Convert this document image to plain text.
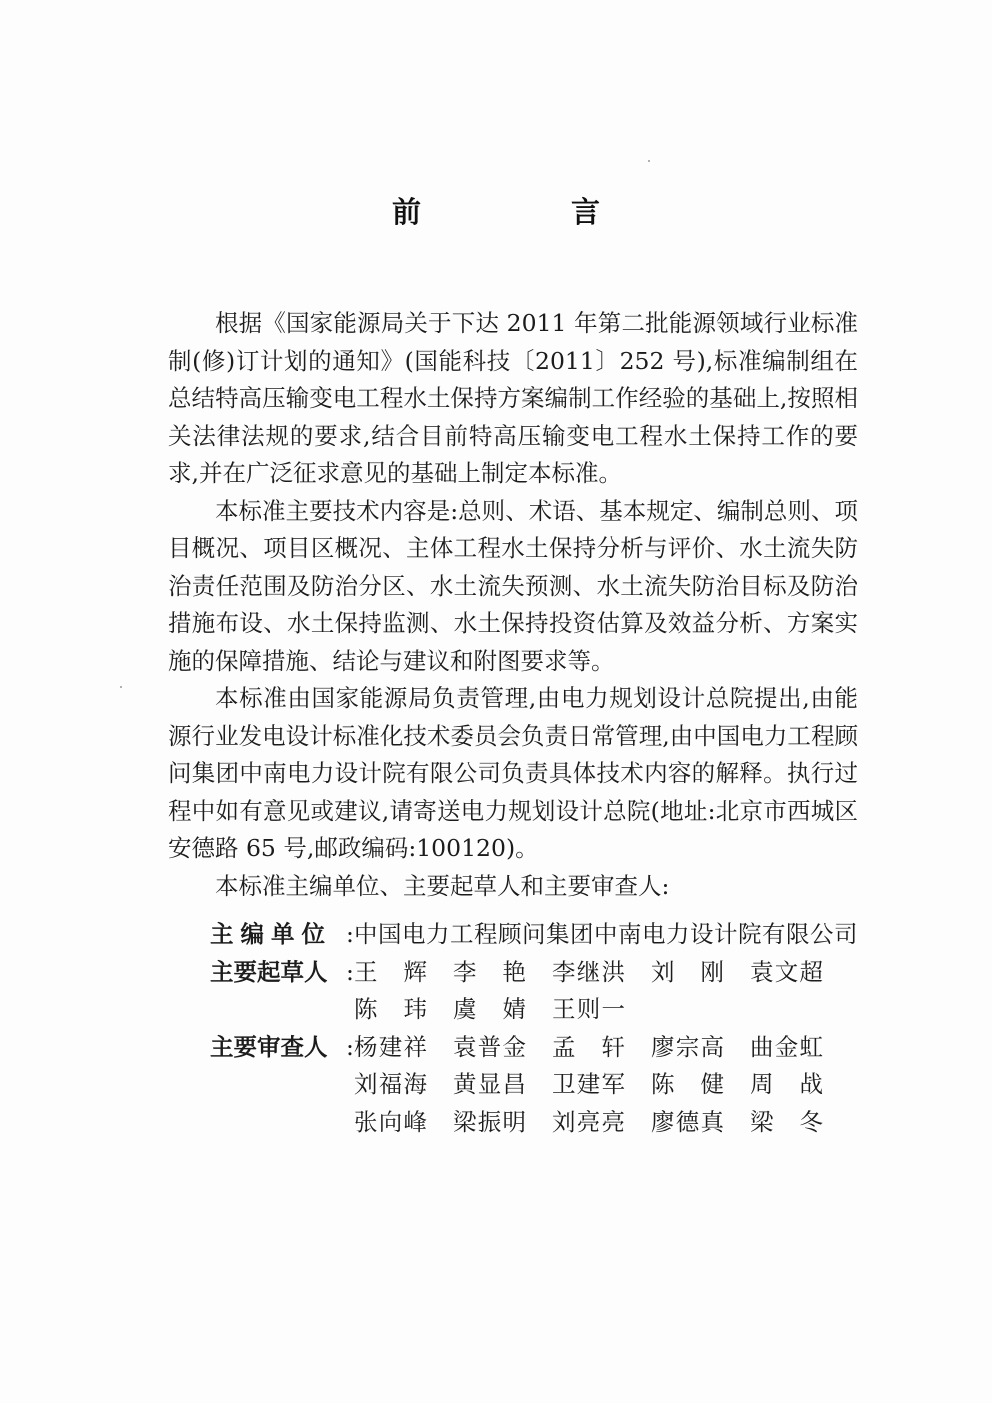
前 言

根据《国家能源局关于下达 2011 年第二批能源领域行业标准制(修)订计划的通知》(国能科技〔2011〕252 号),标准编制组在总结特高压输变电工程水土保持方案编制工作经验的基础上,按照相关法律法规的要求,结合目前特高压输变电工程水土保持工作的要求,并在广泛征求意见的基础上制定本标准。

本标准主要技术内容是:总则、术语、基本规定、编制总则、项目概况、项目区概况、主体工程水土保持分析与评价、水土流失防治责任范围及防治分区、水土流失预测、水土流失防治目标及防治措施布设、水土保持监测、水土保持投资估算及效益分析、方案实施的保障措施、结论与建议和附图要求等。

本标准由国家能源局负责管理,由电力规划设计总院提出,由能源行业发电设计标准化技术委员会负责日常管理,由中国电力工程顾问集团中南电力设计院有限公司负责具体技术内容的解释。执行过程中如有意见或建议,请寄送电力规划设计总院(地址:北京市西城区安德路 65 号,邮政编码:100120)。

本标准主编单位、主要起草人和主要审查人:

主编单位 : 中国电力工程顾问集团中南电力设计院有限公司
主要起草人 : 王 辉	李 艳	李继洪	刘 刚	袁文超
陈 玮	虞 婧	王则一
主要审查人 : 杨建祥	袁普金	孟 轩	廖宗高	曲金虹
刘福海	黄显昌	卫建军	陈 健	周 战
张向峰	梁振明	刘亮亮	廖德真	梁 冬
